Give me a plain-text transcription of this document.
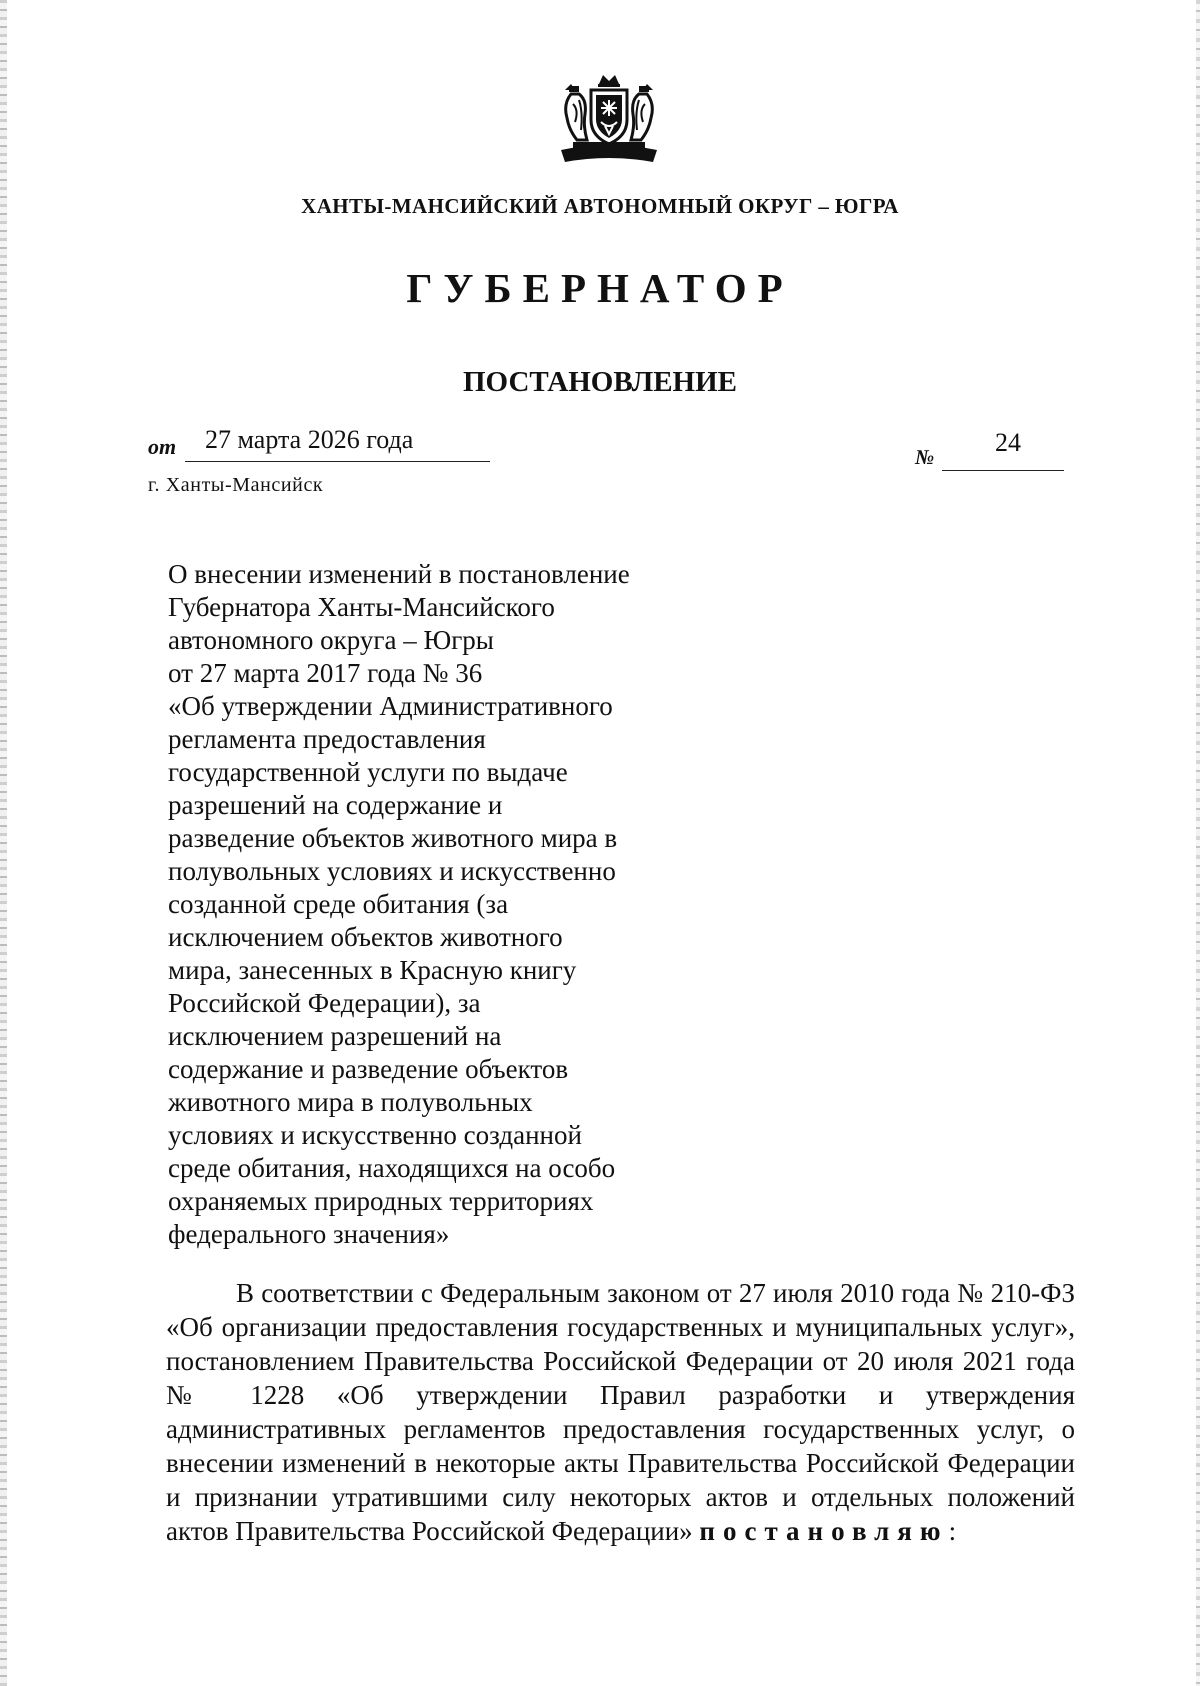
ХАНТЫ-МАНСИЙСКИЙ АВТОНОМНЫЙ ОКРУГ – ЮГРА
ГУБЕРНАТОР
ПОСТАНОВЛЕНИЕ
от 27 марта 2026 года
№ 24
г. Ханты-Мансийск
О внесении изменений в постановление
Губернатора Ханты-Мансийского
автономного округа – Югры
от 27 марта 2017 года № 36
«Об утверждении Административного
регламента предоставления
государственной услуги по выдаче
разрешений на содержание и
разведение объектов животного мира в
полувольных условиях и искусственно
созданной среде обитания (за
исключением объектов животного
мира, занесенных в Красную книгу
Российской Федерации), за
исключением разрешений на
содержание и разведение объектов
животного мира в полувольных
условиях и искусственно созданной
среде обитания, находящихся на особо
охраняемых природных территориях
федерального значения»
В соответствии с Федеральным законом от 27 июля 2010 года № 210-ФЗ «Об организации предоставления государственных и муниципальных услуг», постановлением Правительства Российской Федерации от 20 июля 2021 года № 1228 «Об утверждении Правил разработки и утверждения административных регламентов предоставления государственных услуг, о внесении изменений в некоторые акты Правительства Российской Федерации и признании утратившими силу некоторых актов и отдельных положений актов Правительства Российской Федерации» постановляю:
